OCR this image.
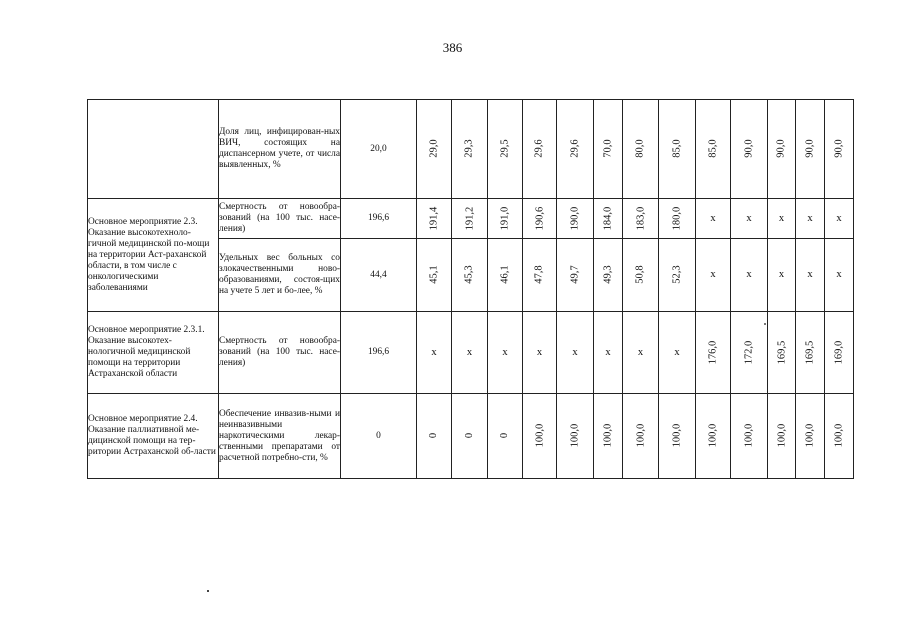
386
	Доля лиц, инфицирован-ных ВИЧ, состоящих на диспансерном учете, от числа выявленных, %	20,0	29,0	29,3	29,5	29,6	29,6	70,0	80,0	85,0	85,0	90,0	90,0	90,0	90,0
Основное мероприятие 2.3. Оказание высокотехноло-гичной медицинской по-мощи на территории Аст-раханской области, в том числе с онкологическими заболеваниями	Смертность от новообра-зований (на 100 тыс. насе-ления)	196,6	191,4	191,2	191,0	190,6	190,0	184,0	183,0	180,0	x	x	x	x	x
	Удельных вес больных со злокачественными ново-образованиями, состоя-щих на учете 5 лет и бо-лее, %	44,4	45,1	45,3	46,1	47,8	49,7	49,3	50,8	52,3	x	x	x	x	x
Основное мероприятие 2.3.1. Оказание высокотех-нологичной медицинской помощи на территории Астраханской области	Смертность от новообра-зований (на 100 тыс. насе-ления)	196,6	x	x	x	x	x	x	x	x	176,0	172,0	169,5	169,5	169,0
Основное мероприятие 2.4. Оказание паллиативной ме-дицинской помощи на тер-ритории Астраханской об-ласти	Обеспечение инвазив-ными и неинвазивными наркотическими лекар-ственными препаратами от расчетной потребно-сти, %	0	0	0	0	100,0	100,0	100,0	100,0	100,0	100,0	100,0	100,0	100,0	100,0
